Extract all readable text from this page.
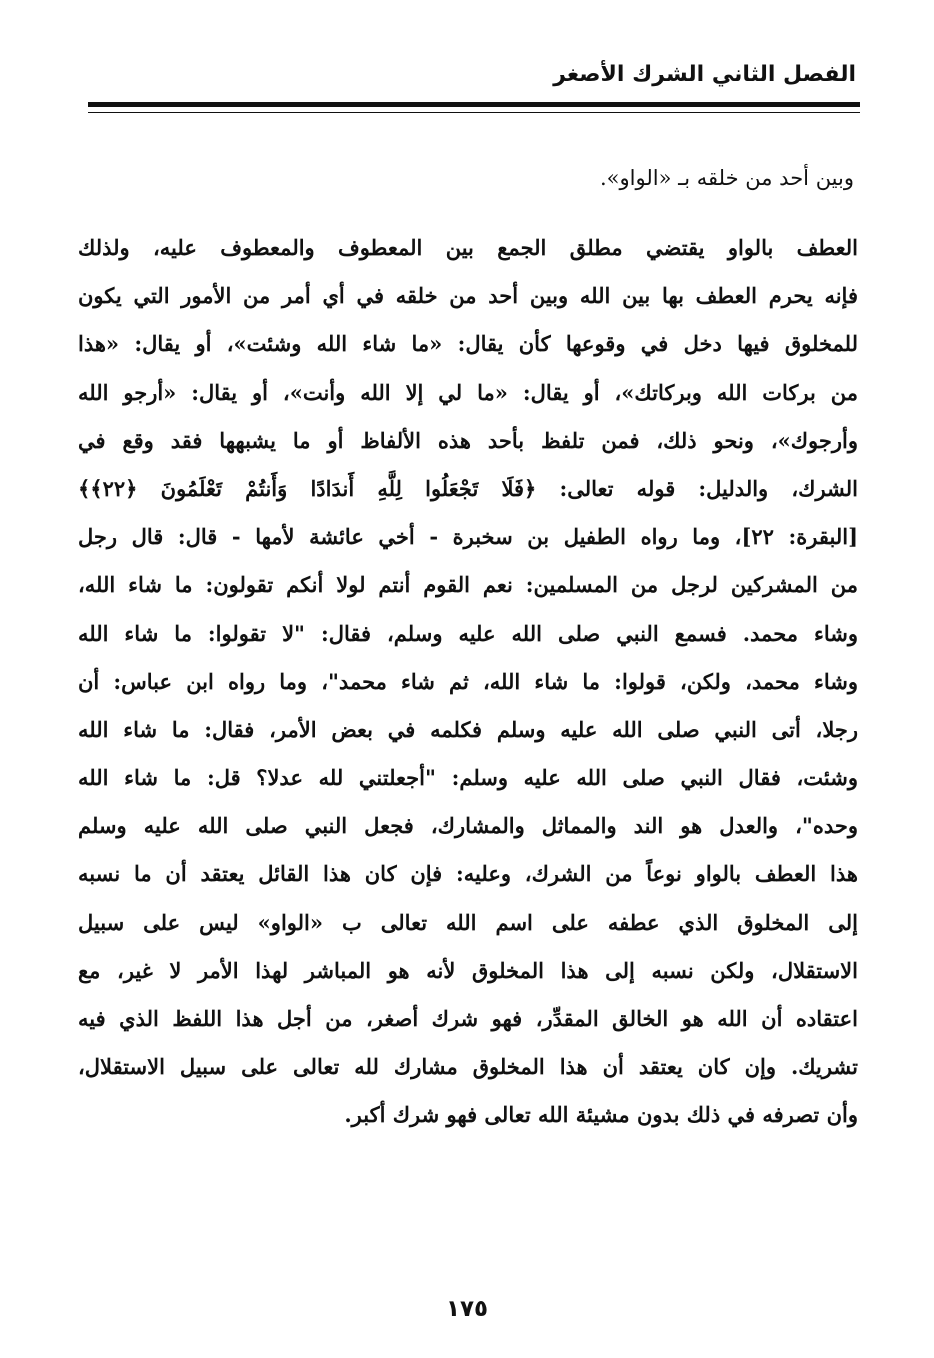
الفصل الثاني الشرك الأصغر
وبين أحد من خلقه بـ «الواو».
العطف بالواو يقتضي مطلق الجمع بين المعطوف والمعطوف عليه، ولذلك
فإنه يحرم العطف بها بين الله وبين أحد من خلقه في أي أمر من الأمور التي يكون
للمخلوق فيها دخل في وقوعها كأن يقال: «ما شاء الله وشئت»، أو يقال: «هذا
من بركات الله وبركاتك»، أو يقال: «ما لي إلا الله وأنت»، أو يقال: «أرجو الله
وأرجوك»، ونحو ذلك، فمن تلفظ بأحد هذه الألفاظ أو ما يشبهها فقد وقع في
الشرك، والدليل: قوله تعالى: ﴿فَلَا تَجْعَلُوا لِلَّهِ أَندَادًا وَأَنتُمْ تَعْلَمُونَ ﴿٢٢﴾﴾
[البقرة: ٢٢]، وما رواه الطفيل بن سخبرة - أخي عائشة لأمها - قال: قال رجل
من المشركين لرجل من المسلمين: نعم القوم أنتم لولا أنكم تقولون: ما شاء الله،
وشاء محمد. فسمع النبي صلى الله عليه وسلم، فقال: "لا تقولوا: ما شاء الله
وشاء محمد، ولكن، قولوا: ما شاء الله، ثم شاء محمد"، وما رواه ابن عباس: أن
رجلا، أتى النبي صلى الله عليه وسلم فكلمه في بعض الأمر، فقال: ما شاء الله
وشئت، فقال النبي صلى الله عليه وسلم: "أجعلتني لله عدلا؟ قل: ما شاء الله
وحده"، والعدل هو الند والمماثل والمشارك، فجعل النبي صلى الله عليه وسلم
هذا العطف بالواو نوعاً من الشرك، وعليه: فإن كان هذا القائل يعتقد أن ما نسبه
إلى المخلوق الذي عطفه على اسم الله تعالى ب «الواو» ليس على سبيل
الاستقلال، ولكن نسبه إلى هذا المخلوق لأنه هو المباشر لهذا الأمر لا غير، مع
اعتقاده أن الله هو الخالق المقدِّر، فهو شرك أصغر، من أجل هذا اللفظ الذي فيه
تشريك. وإن كان يعتقد أن هذا المخلوق مشارك لله تعالى على سبيل الاستقلال،
وأن تصرفه في ذلك بدون مشيئة الله تعالى فهو شرك أكبر.
١٧٥
